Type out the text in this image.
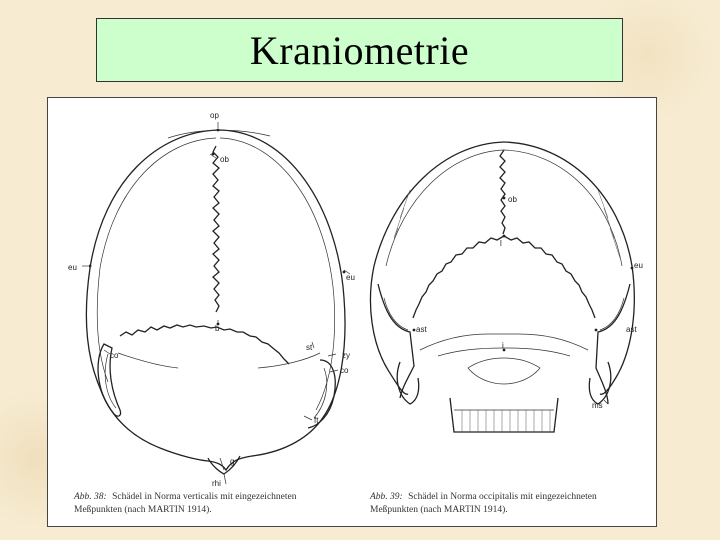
Kraniometrie
op
ob
eu
eu
b
co
st
zy
co
ft
g
rhi
ob
l
eu
ast	ast
i
ms
Abb. 38: Schädel in Norma verticalis mit eingezeichneten
Meßpunkten (nach MARTIN 1914).
Abb. 39: Schädel in Norma occipitalis mit eingezeichneten
Meßpunkten (nach MARTIN 1914).
